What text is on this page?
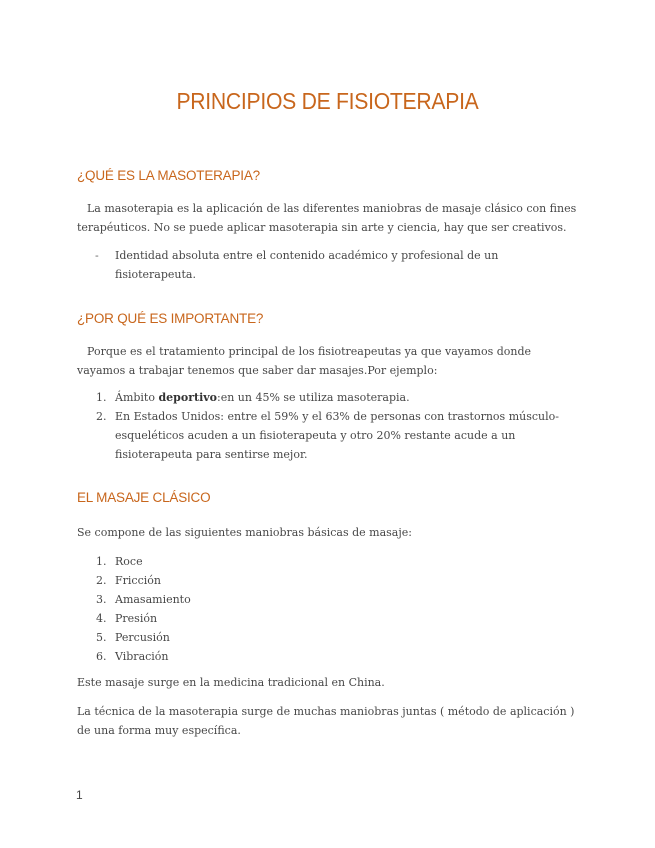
PRINCIPIOS DE FISIOTERAPIA
¿QUÉ ES LA MASOTERAPIA?

La masoterapia es la aplicación de las diferentes maniobras de masaje clásico con fines terapéuticos. No se puede aplicar masoterapia sin arte y ciencia, hay que ser creativos.

- Identidad absoluta entre el contenido académico y profesional de un fisioterapeuta.
¿POR QUÉ ES IMPORTANTE?

Porque es el tratamiento principal de los fisiotreapeutas ya que vayamos donde vayamos a trabajar tenemos que saber dar masajes.Por ejemplo:

1. Ámbito deportivo:en un 45% se utiliza masoterapia.
2. En Estados Unidos: entre el 59% y el 63% de personas con trastornos músculo-esqueléticos acuden a un fisioterapeuta y otro 20% restante acude a un fisioterapeuta para sentirse mejor.
EL MASAJE CLÁSICO

Se compone de las siguientes maniobras básicas de masaje:

1. Roce
2. Fricción
3. Amasamiento
4. Presión
5. Percusión
6. Vibración

Este masaje surge en la medicina tradicional en China.

La técnica de la masoterapia surge de muchas maniobras juntas ( método de aplicación ) de una forma muy específica.

1
